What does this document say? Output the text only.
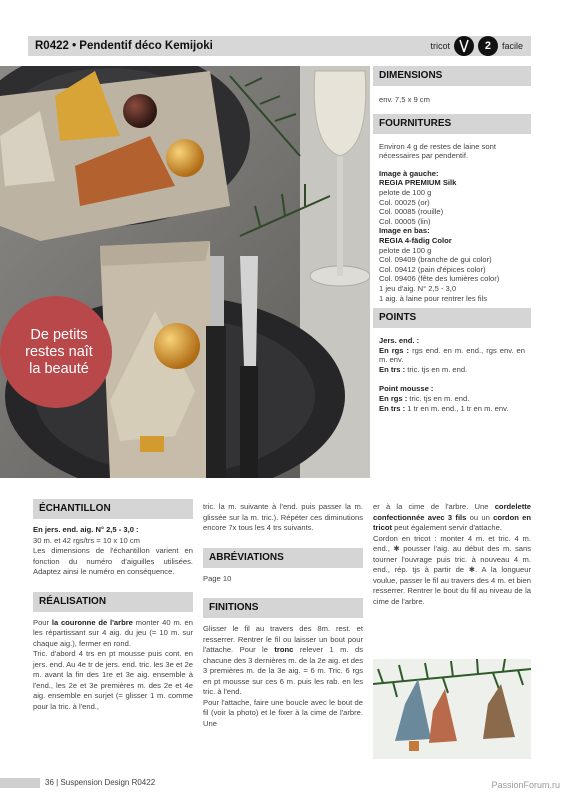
R0422 • Pendentif déco Kemijoki	tricot	2	facile
De petits
restes naît
la beauté
DIMENSIONS
env. 7,5 x 9 cm
FOURNITURES
Environ 4 g de restes de laine sont
nécessaires par pendentif.
Image à gauche:
REGIA PREMIUM Silk
pelote de 100 g
Col. 00025 (or)
Col. 00085 (rouille)
Col. 00005 (lin)
Image en bas:
REGIA 4-fädig Color
pelote de 100 g
Col. 09409 (branche de gui color)
Col. 09412 (pain d'épices color)
Col. 09406 (fête des lumières color)
1 jeu d'aig. N° 2,5 - 3,0
1 aig. à laine pour rentrer les fils
POINTS
Jers. end. :
En rgs : rgs end. en m. end., rgs env. en m. env.
En trs : tric. tjs en m. end.
Point mousse :
En rgs : tric. tjs en m. end.
En trs : 1 tr en m. end., 1 tr en m. env.
ÉCHANTILLON

En jers. end. aig. N° 2,5 - 3,0 :

30 m. et 42 rgs/trs = 10 x 10 cm
Les dimensions de l'échantillon varient en fonction du numéro d'aiguilles utilisées. Adaptez ainsi le numéro en conséquence.

RÉALISATION

Pour la couronne de l'arbre monter 40 m. en les répartissant sur 4 aig. du jeu (= 10 m. sur chaque aig.), fermer en rond.

Tric. d'abord 4 trs en pt mousse puis cont. en jers. end. Au 4e tr de jers. end. tric. les 3e et 2e m. avant la fin des 1re et 3e aig. ensemble à l'end., les 2e et 3e premières m. des 2e et 4e aig. ensemble en surjet (= glisser 1 m. comme pour la tric. à l'end.,

tric. la m. suivante à l'end. puis passer la m. glissée sur la m. tric.). Répéter ces diminutions encore 7x tous les 4 trs suivants.

ABRÉVIATIONS

Page 10

FINITIONS

Glisser le fil au travers des 8m. rest. et resserrer. Rentrer le fil ou laisser un bout pour l'attache. Pour le tronc relever 1 m. ds chacune des 3 dernières m. de la 2e aig. et des 3 premières m. de la 3e aig. = 6 m. Tric. 6 rgs en pt mousse sur ces 6 m. puis les rab. en les tric. à l'end.

Pour l'attache, faire une boucle avec le bout de fil (voir la photo) et le fixer à la cime de l'arbre. Une

er à la cime de l'arbre. Une cordelette confectionnée avec 3 fils ou un cordon en tricot peut également servir d'attache.

Cordon en tricot : monter 4 m. et tric. 4 m. end., ✱ pousser l'aig. au début des m. sans tourner l'ouvrage puis tric. à nouveau 4 m. end., rép. tjs à partir de ✱. A la longueur voulue, passer le fil au travers des 4 m. et bien resserrer. Rentrer le bout du fil au niveau de la cime de l'arbre.

36 | Suspension Design R0422	PassionForum.ru
